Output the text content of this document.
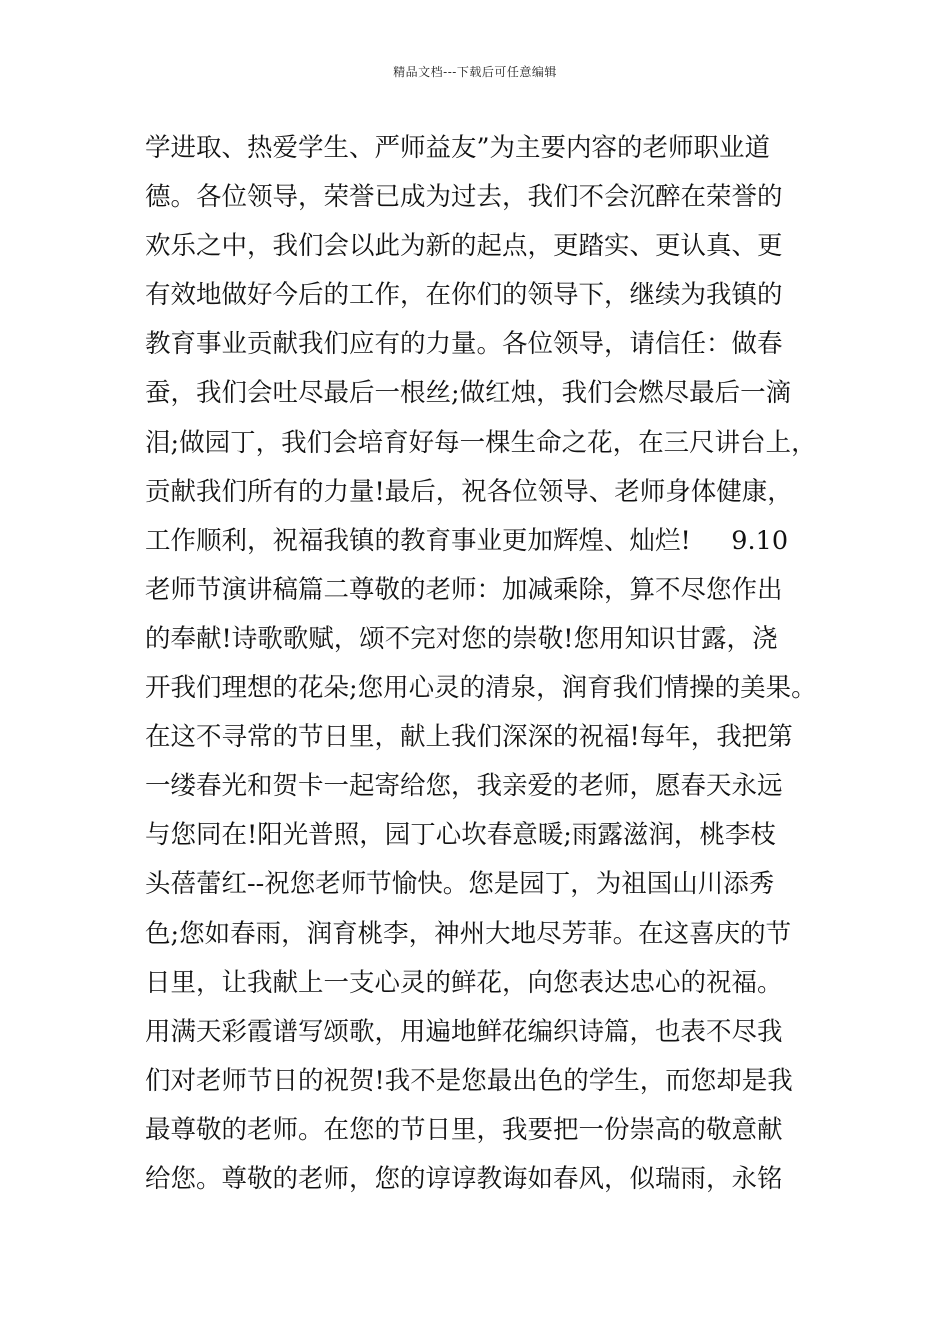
精品文档---下载后可任意编辑
学进取、热爱学生、严师益友”为主要内容的老师职业道
德。各位领导，荣誉已成为过去，我们不会沉醉在荣誉的
欢乐之中，我们会以此为新的起点，更踏实、更认真、更
有效地做好今后的工作，在你们的领导下，继续为我镇的
教育事业贡献我们应有的力量。各位领导，请信任：做春
蚕，我们会吐尽最后一根丝;做红烛，我们会燃尽最后一滴
泪;做园丁，我们会培育好每一棵生命之花，在三尺讲台上，
贡献我们所有的力量!最后，祝各位领导、老师身体健康，
工作顺利，祝福我镇的教育事业更加辉煌、灿烂!     9.10
老师节演讲稿篇二尊敬的老师：加减乘除，算不尽您作出
的奉献!诗歌歌赋，颂不完对您的崇敬!您用知识甘露，浇
开我们理想的花朵;您用心灵的清泉，润育我们情操的美果。
在这不寻常的节日里，献上我们深深的祝福!每年，我把第
一缕春光和贺卡一起寄给您，我亲爱的老师，愿春天永远
与您同在!阳光普照，园丁心坎春意暖;雨露滋润，桃李枝
头蓓蕾红--祝您老师节愉快。您是园丁，为祖国山川添秀
色;您如春雨，润育桃李，神州大地尽芳菲。在这喜庆的节
日里，让我献上一支心灵的鲜花，向您表达忠心的祝福。
用满天彩霞谱写颂歌，用遍地鲜花编织诗篇，也表不尽我
们对老师节日的祝贺!我不是您最出色的学生，而您却是我
最尊敬的老师。在您的节日里，我要把一份崇高的敬意献
给您。尊敬的老师，您的谆谆教诲如春风，似瑞雨，永铭
